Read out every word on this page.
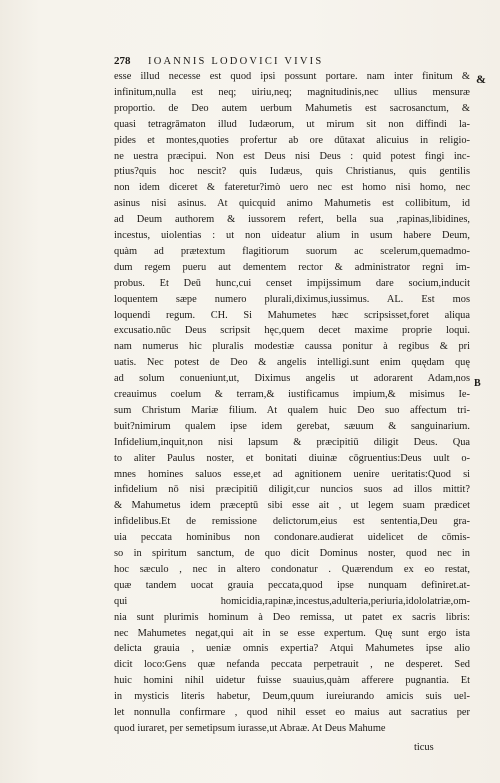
278	IOANNIS LODOVICI VIVIS
&
B
esse illud necesse est quod ipsi possunt portare. nam inter finitum &
infinitum,nulla est neq; uiriu,neq; magnitudinis,nec ullius mensuræ
proportio. de Deo autem uerbum Mahumetis est sacrosanctum, &
quasi tetragrāmaton illud Iudæorum, ut mirum sit non diffindi la-
pides et montes,quoties profertur ab ore dūtaxat alicuius in religio-
ne uestra præcipui. Non est Deus nisi Deus : quid potest fingi inc-
ptius?quis hoc nescit? quis Iudæus, quis Christianus, quis gentilis
non idem diceret & fateretur?imò uero nec est homo nisi homo, nec
asinus nisi asinus. At quicquid animo Mahumetis est collibitum, id
ad Deum authorem & iussorem refert, bella sua ,rapinas,libidines,
incestus, uiolentias : ut non uideatur alium in usum habere Deum,
quàm ad prætextum flagitiorum suorum ac scelerum,quemadmo-
dum regem pueru aut dementem rector & administrator regni im-
probus. Et Deū hunc,cui censet impijssimum dare socium,inducit
loquentem sæpe numero plurali,diximus,iussimus. AL. Est mos
loquendi regum. CH. Si Mahumetes hæc scripsisset,foret aliqua
excusatio.nūc Deus scripsit hęc,quem decet maxime proprie loqui.
nam numerus hic pluralis modestiæ caussa ponitur à regibus & pri
uatis. Nec potest de Deo & angelis intelligi.sunt enim quędam quę
ad solum conueniunt,ut, Diximus angelis ut adorarent Adam,nos
creauimus coelum & terram,& iustificamus impium,& misimus Ie-
sum Christum Mariæ filium. At qualem huic Deo suo affectum tri-
buit?nimirum qualem ipse idem gerebat, sæuum & sanguinarium.
Infidelium,inquit,non nisi lapsum & præcipitiū diligit Deus. Qua
to aliter Paulus noster, et bonitati diuinæ cōgruentius:Deus uult o-
mnes homines saluos esse,et ad agnitionem uenire ueritatis:Quod si
infidelium nō nisi præcipitiū diligit,cur nuncios suos ad illos mittit?
& Mahumetus idem præceptū sibi esse ait , ut legem suam prædicet
infidelibus.Et de remissione delictorum,eius est sententia,Deu gra-
uia peccata hominibus non condonare.audierat uidelicet de cōmis-
so in spiritum sanctum, de quo dicit Dominus noster, quod nec in
hoc sæculo , nec in altero condonatur . Quærendum ex eo restat,
quæ tandem uocat grauia peccata,quod ipse nunquam definiret.at-
qui homicidia,rapinæ,incestus,adulteria,periuria,idololatriæ,om-
nia sunt plurimis hominum à Deo remissa, ut patet ex sacris libris:
nec Mahumetes negat,qui ait in se esse expertum. Quę sunt ergo ista
delicta grauia , ueniæ omnis expertia? Atqui Mahumetes ipse alio
dicit loco:Gens quæ nefanda peccata perpetrauit , ne desperet. Sed
huic homini nihil uidetur fuisse suauius,quàm afferere pugnantia. Et
in mysticis literis habetur, Deum,quum iureiurando amicis suis uel-
let nonnulla confirmare , quod nihil esset eo maius aut sacratius per
quod iuraret, per semetipsum iurasse,ut Abraæ. At Deus Mahume
ticus
